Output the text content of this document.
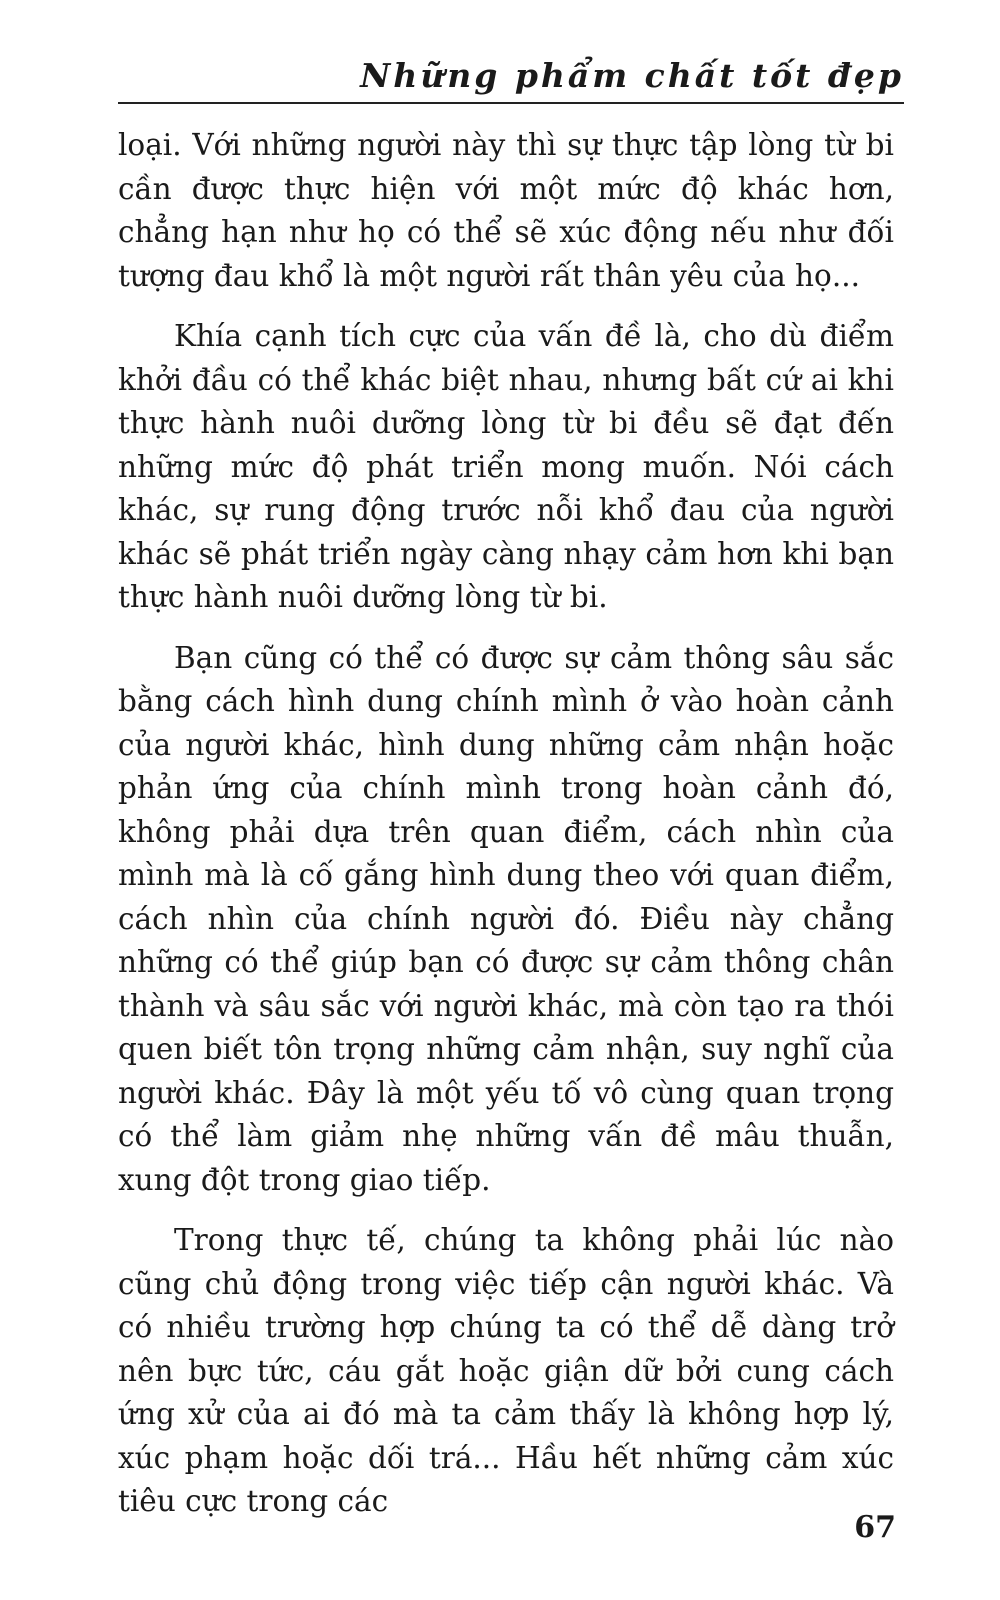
Những phẩm chất tốt đẹp

loại. Với những người này thì sự thực tập lòng từ bi cần được thực hiện với một mức độ khác hơn, chẳng hạn như họ có thể sẽ xúc động nếu như đối tượng đau khổ là một người rất thân yêu của họ...

Khía cạnh tích cực của vấn đề là, cho dù điểm khởi đầu có thể khác biệt nhau, nhưng bất cứ ai khi thực hành nuôi dưỡng lòng từ bi đều sẽ đạt đến những mức độ phát triển mong muốn. Nói cách khác, sự rung động trước nỗi khổ đau của người khác sẽ phát triển ngày càng nhạy cảm hơn khi bạn thực hành nuôi dưỡng lòng từ bi.

Bạn cũng có thể có được sự cảm thông sâu sắc bằng cách hình dung chính mình ở vào hoàn cảnh của người khác, hình dung những cảm nhận hoặc phản ứng của chính mình trong hoàn cảnh đó, không phải dựa trên quan điểm, cách nhìn của mình mà là cố gắng hình dung theo với quan điểm, cách nhìn của chính người đó. Điều này chẳng những có thể giúp bạn có được sự cảm thông chân thành và sâu sắc với người khác, mà còn tạo ra thói quen biết tôn trọng những cảm nhận, suy nghĩ của người khác. Đây là một yếu tố vô cùng quan trọng có thể làm giảm nhẹ những vấn đề mâu thuẫn, xung đột trong giao tiếp.

Trong thực tế, chúng ta không phải lúc nào cũng chủ động trong việc tiếp cận người khác. Và có nhiều trường hợp chúng ta có thể dễ dàng trở nên bực tức, cáu gắt hoặc giận dữ bởi cung cách ứng xử của ai đó mà ta cảm thấy là không hợp lý, xúc phạm hoặc dối trá... Hầu hết những cảm xúc tiêu cực trong các

67
